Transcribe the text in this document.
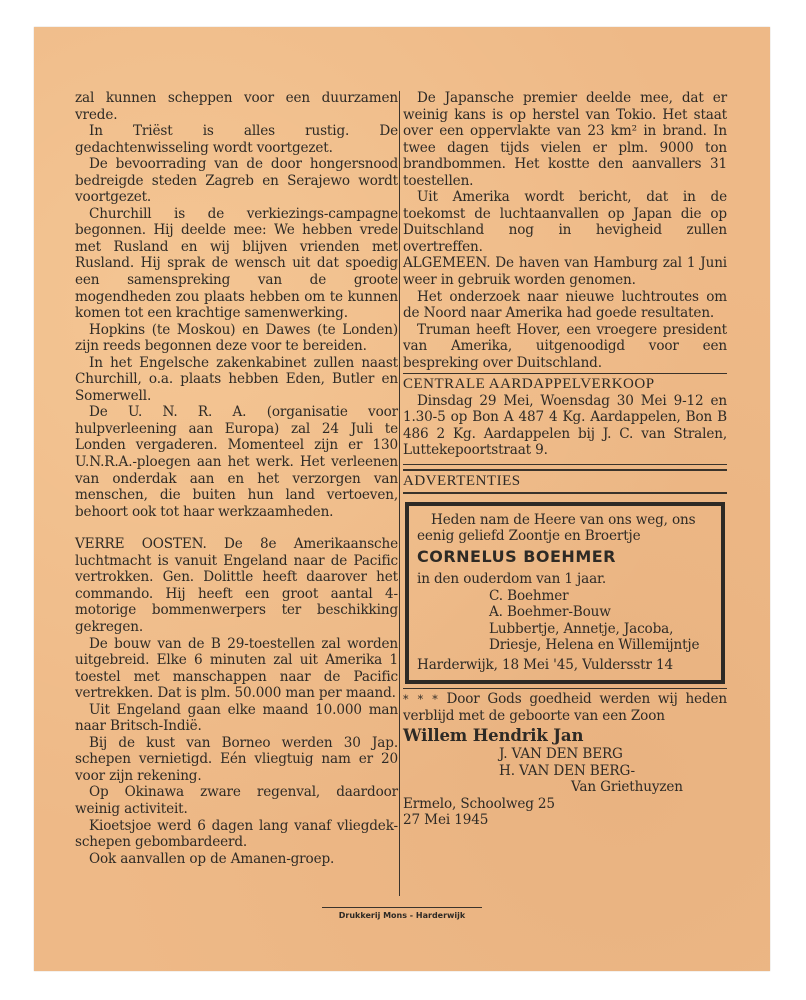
zal kunnen scheppen voor een duurzamen vrede.

In Triëst is alles rustig. De gedachtenwisseling wordt voortgezet.

De bevoorrading van de door hongersnood bedreigde steden Zagreb en Serajewo wordt voortgezet.

Churchill is de verkiezings-campagne begonnen. Hij deelde mee: We hebben vrede met Rusland en wij blijven vrienden met Rusland. Hij sprak de wensch uit dat spoedig een samenspreking van de groote mogendheden zou plaats hebben om te kunnen komen tot een krachtige samenwerking.

Hopkins (te Moskou) en Dawes (te Londen) zijn reeds begonnen deze voor te bereiden.

In het Engelsche zakenkabinet zullen naast Churchill, o.a. plaats hebben Eden, Butler en Somerwell.

De U. N. R. A. (organisatie voor hulpverleening aan Europa) zal 24 Juli te Londen vergaderen. Momenteel zijn er 130 U.N.R.A.-ploegen aan het werk. Het verleenen van onderdak aan en het verzorgen van menschen, die buiten hun land vertoeven, behoort ook tot haar werkzaamheden.

VERRE OOSTEN. De 8e Amerikaansche luchtmacht is vanuit Engeland naar de Pacific vertrokken. Gen. Dolittle heeft daarover het commando. Hij heeft een groot aantal 4-motorige bommenwerpers ter beschikking gekregen.

De bouw van de B 29-toestellen zal worden uitgebreid. Elke 6 minuten zal uit Amerika 1 toestel met manschappen naar de Pacific vertrekken. Dat is plm. 50.000 man per maand.

Uit Engeland gaan elke maand 10.000 man naar Britsch-Indië.

Bij de kust van Borneo werden 30 Jap. schepen vernietigd. Eén vliegtuig nam er 20 voor zijn rekening.

Op Okinawa zware regenval, daardoor weinig activiteit.

Kioetsjoe werd 6 dagen lang vanaf vliegdek-schepen gebombardeerd.

Ook aanvallen op de Amanen-groep.

De Japansche premier deelde mee, dat er weinig kans is op herstel van Tokio. Het staat over een oppervlakte van 23 km² in brand. In twee dagen tijds vielen er plm. 9000 ton brandbommen. Het kostte den aanvallers 31 toestellen.

Uit Amerika wordt bericht, dat in de toekomst de luchtaanvallen op Japan die op Duitschland nog in hevigheid zullen overtreffen.

ALGEMEEN. De haven van Hamburg zal 1 Juni weer in gebruik worden genomen.

Het onderzoek naar nieuwe luchtroutes om de Noord naar Amerika had goede resultaten.

Truman heeft Hover, een vroegere president van Amerika, uitgenoodigd voor een bespreking over Duitschland.

CENTRALE AARDAPPELVERKOOP

Dinsdag 29 Mei, Woensdag 30 Mei 9-12 en 1.30-5 op Bon A 487 4 Kg. Aardappelen, Bon B 486 2 Kg. Aardappelen bij J. C. van Stralen, Luttekepoortstraat 9.

ADVERTENTIES

Heden nam de Heere van ons weg, ons eenig geliefd Zoontje en Broertje

CORNELUS BOEHMER

in den ouderdom van 1 jaar.

C. Boehmer

A. Boehmer-Bouw

Lubbertje, Annetje, Jacoba,

Driesje, Helena en Willemijntje

Harderwijk, 18 Mei '45, Vuldersstr 14

* * * Door Gods goedheid werden wij heden verblijd met de geboorte van een Zoon

Willem Hendrik Jan

J. VAN DEN BERG

H. VAN DEN BERG-

Van Griethuyzen

Ermelo, Schoolweg 25

27 Mei 1945

Drukkerij Mons - Harderwijk
